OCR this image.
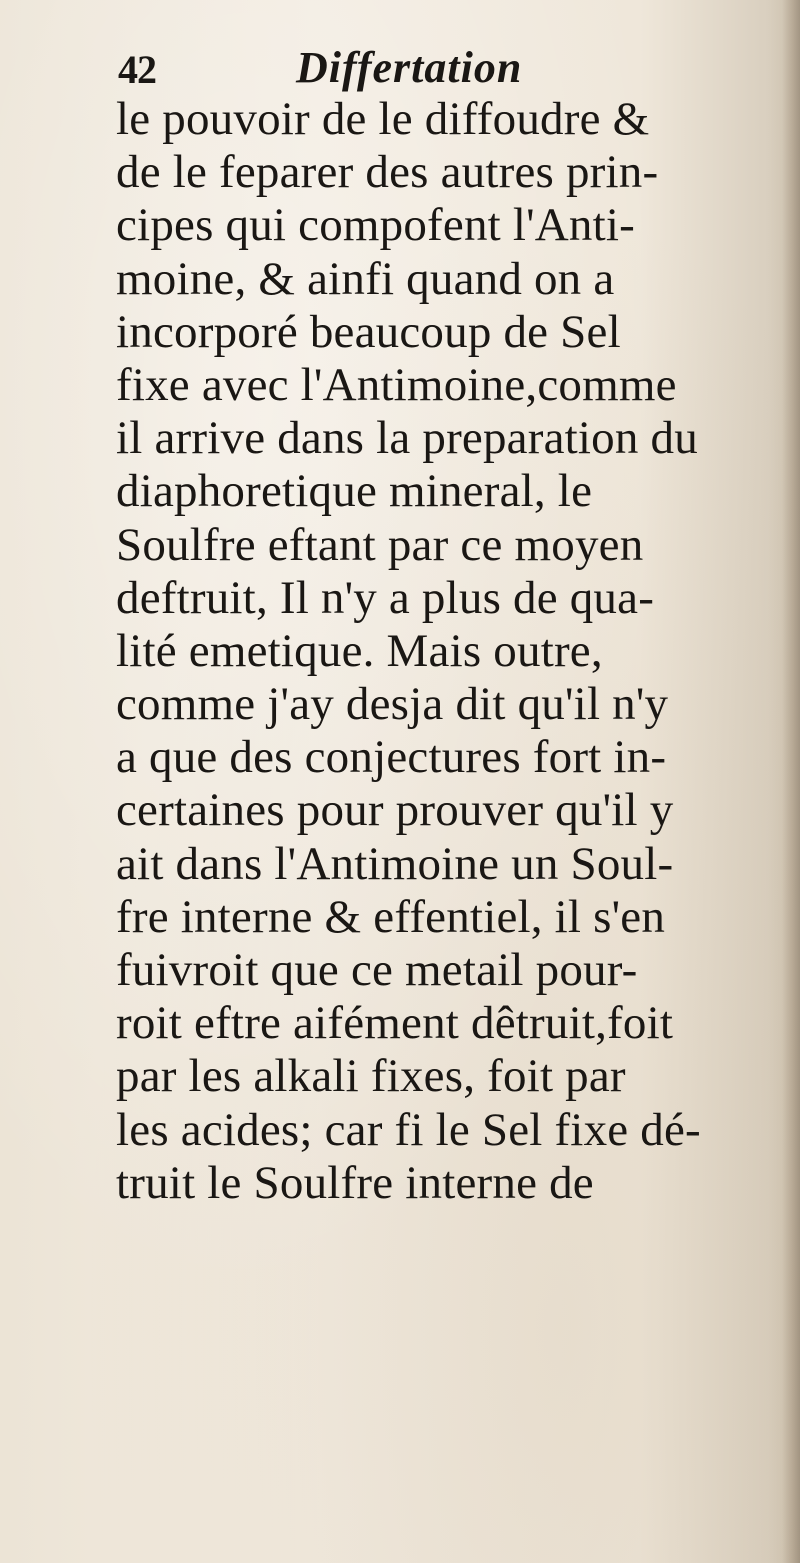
42	Differtation
le pouvoir de le diffoudre &
de le feparer des autres prin-
cipes qui compofent l'Anti-
moine, & ainfi quand on a
incorporé beaucoup de Sel
fixe avec l'Antimoine,comme
il arrive dans la preparation du
diaphoretique mineral, le
Soulfre eftant par ce moyen
deftruit, Il n'y a plus de qua-
lité emetique. Mais outre,
comme j'ay desja dit qu'il n'y
a que des conjectures fort in-
certaines pour prouver qu'il y
ait dans l'Antimoine un Soul-
fre interne & effentiel, il s'en
fuivroit que ce metail pour-
roit eftre aifément dêtruit,foit
par les alkali fixes, foit par
les acides; car fi le Sel fixe dé-
truit le Soulfre interne de
